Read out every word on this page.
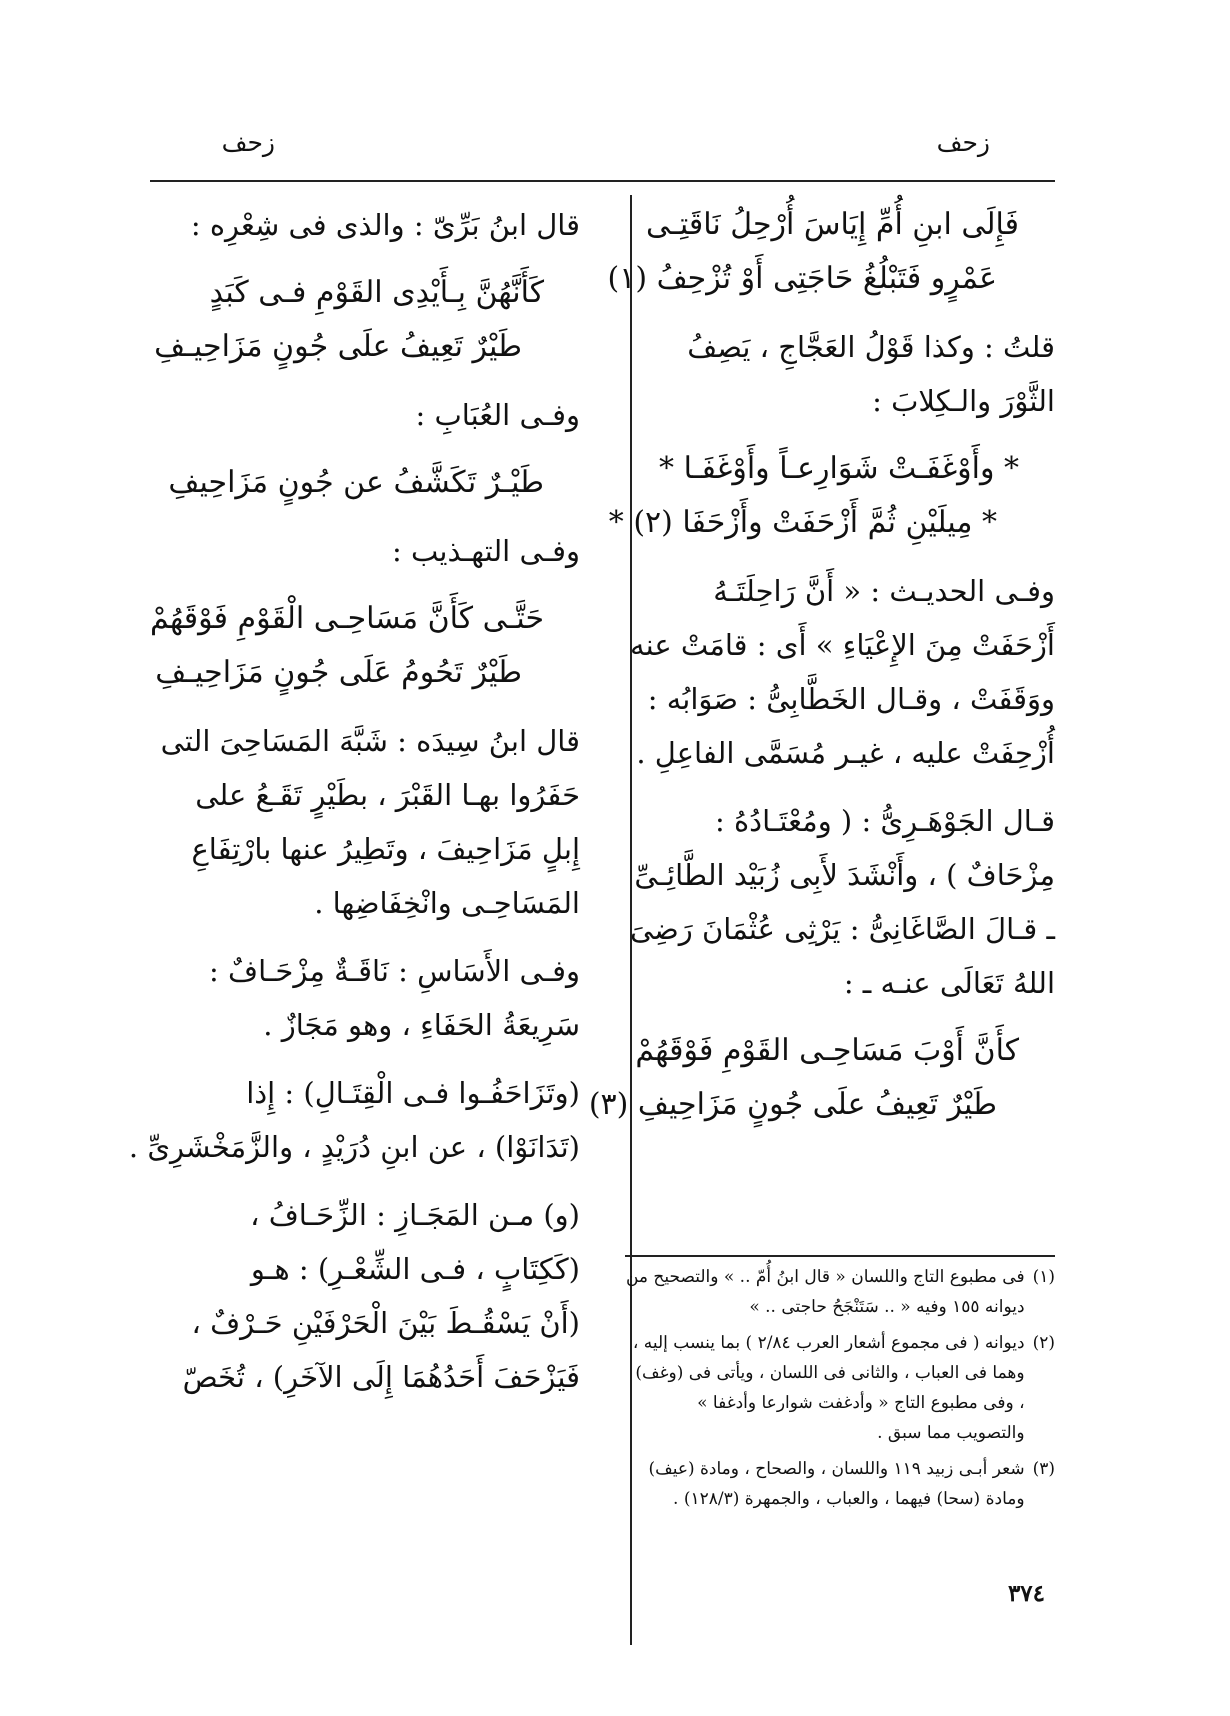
زحف
زحف
فَإِلَى ابنِ أُمِّ إِيَاسَ أُرْحِلُ نَاقَتِـى
عَمْرٍو فَتَبْلُغُ حَاجَتِى أَوْ تُزْحِفُ (١)
قلتُ : وكذا قَوْلُ العَجَّاجِ ، يَصِفُ
الثَّوْرَ والـكِلابَ :
* وأَوْغَفَـتْ شَوَارِعـاً وأَوْغَفَـا *
* مِيلَيْنِ ثُمَّ أَزْحَفَتْ وأَزْحَفَا (٢) *
وفـى الحديـث : « أَنَّ رَاحِلَتَـهُ
أَزْحَفَتْ مِنَ الإِعْيَاءِ » أَى : قامَتْ عنه
ووَقَفَتْ ، وقـال الخَطَّابِىُّ : صَوَابُه :
أُزْحِفَتْ عليه ، غيـر مُسَمَّى الفاعِلِ .
قـال الجَوْهَـرِىُّ : ( ومُعْتَـادُهُ :
مِزْحَافٌ ) ، وأَنْشَدَ لأَبِى زُبَيْد الطَّائِـىِّ
ـ قـالَ الصَّاغَانِىُّ : يَرْثِى عُثْمَانَ رَضِىَ
اللهُ تَعَالَى عنـه ـ :
كأَنَّ أَوْبَ مَسَاحِـى القَوْمِ فَوْقَهُمْ
طَيْرٌ تَعِيفُ علَى جُونٍ مَزَاحِيفِ (٣)
قال ابنُ بَرِّىّ : والذى فى شِعْرِه :
كَأَنَّهُنَّ بِـأَيْدِى القَوْمِ فـى كَبَدٍ
طَيْرٌ تَعِيفُ علَى جُونٍ مَزَاحِيـفِ
وفـى العُبَابِ :
طَيْـرٌ تَكَشَّفُ عن جُونٍ مَزَاحِيفِ
وفـى التهـذيب :
حَتَّـى كَأَنَّ مَسَاحِـى الْقَوْمِ فَوْقَهُمْ
طَيْرٌ تَحُومُ عَلَى جُونٍ مَزَاحِيـفِ
قال ابنُ سِيدَه : شَبَّهَ المَسَاحِىَ التى
حَفَرُوا بهـا القَبْرَ ، بطَيْرٍ تَقَـعُ على
إِبلٍ مَزَاحِيفَ ، وتَطِيرُ عنها بارْتِفَاعِ
المَسَاحِـى وانْخِفَاضِها .
وفـى الأَسَاسِ : نَاقَـةٌ مِزْحَـافٌ :
سَرِيعَةُ الحَفَاءِ ، وهو مَجَازٌ .
(وتَزَاحَفُـوا فـى الْقِتَـالِ) : إِذا
(تَدَانَوْا) ، عن ابنِ دُرَيْدٍ ، والزَّمَخْشَرِىِّ .
(و) مـن المَجَـازِ : الزِّحَـافُ ،
(كَكِتَابٍ ، فـى الشِّعْـرِ) : هـو
(أَنْ يَسْقُـطَ بَيْنَ الْحَرْفَيْنِ حَـرْفٌ ،
فَيَزْحَفَ أَحَدُهُمَا إِلَى الآخَرِ) ، تُخَصّ
(١)
فى مطبوع التاج واللسان « قال ابنُ أُمّ .. » والتصحيح من ديوانه ١٥٥ وفيه « .. سَتَنْجَحُ حاجتى .. »
(٢)
ديوانه ( فى مجموع أشعار العرب ٢/٨٤ ) بما ينسب إليه ، وهما فى العباب ، والثانى فى اللسان ، ويأتى فى (وغف) ، وفى مطبوع التاج « وأدغفت شوارعا وأدغفا » والتصويب مما سبق .
(٣)
شعر أبـى زبيد ١١٩ واللسان ، والصحاح ، ومادة (عيف) ومادة (سحا) فيهما ، والعباب ، والجمهرة (١٢٨/٣) .
٣٧٤
